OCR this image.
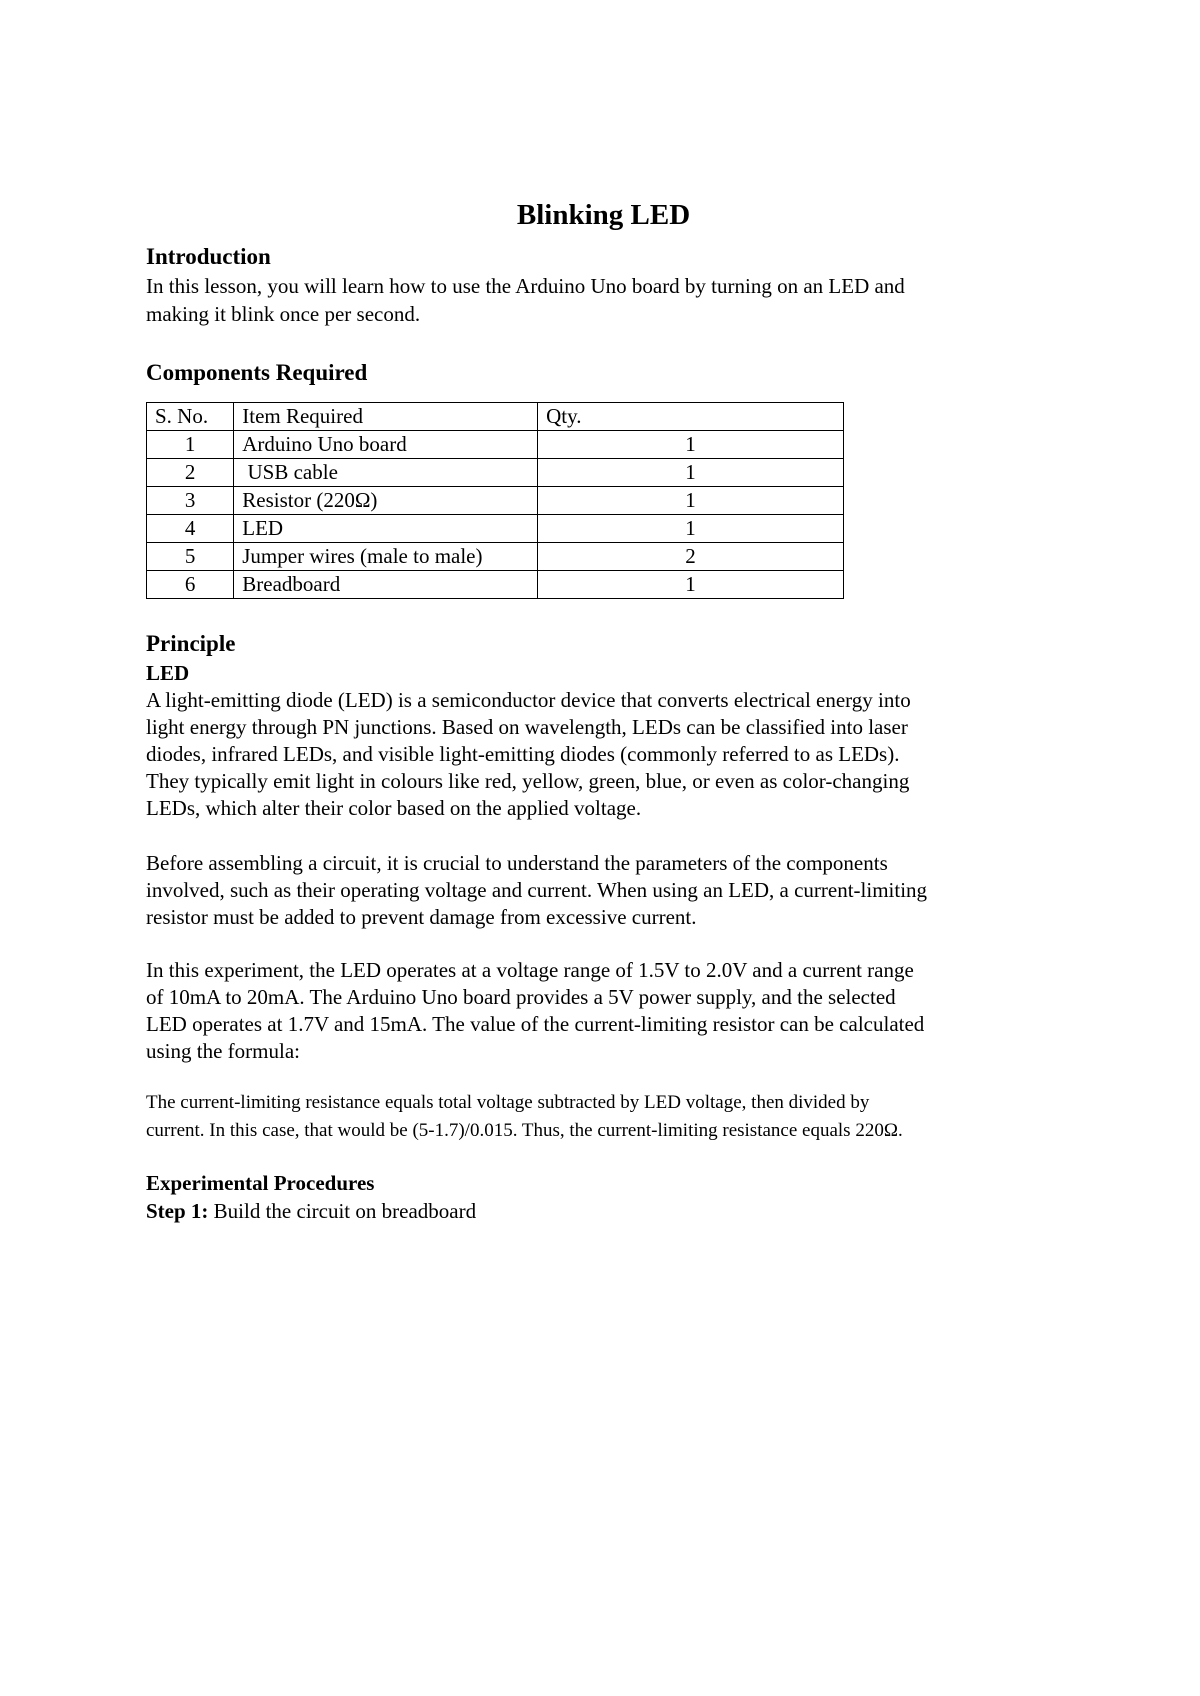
Blinking LED
Introduction

In this lesson, you will learn how to use the Arduino Uno board by turning on an LED and

making it blink once per second.

Components Required
S. No.	Item Required	Qty.
1	Arduino Uno board	1
2	USB cable	1
3	Resistor (220Ω)	1
4	LED	1
5	Jumper wires (male to male)	2
6	Breadboard	1
Principle
LED

A light-emitting diode (LED) is a semiconductor device that converts electrical energy into

light energy through PN junctions. Based on wavelength, LEDs can be classified into laser

diodes, infrared LEDs, and visible light-emitting diodes (commonly referred to as LEDs).

They typically emit light in colours like red, yellow, green, blue, or even as color-changing

LEDs, which alter their color based on the applied voltage.

Before assembling a circuit, it is crucial to understand the parameters of the components

involved, such as their operating voltage and current. When using an LED, a current-limiting

resistor must be added to prevent damage from excessive current.

In this experiment, the LED operates at a voltage range of 1.5V to 2.0V and a current range

of 10mA to 20mA. The Arduino Uno board provides a 5V power supply, and the selected

LED operates at 1.7V and 15mA. The value of the current-limiting resistor can be calculated

using the formula:

The current-limiting resistance equals total voltage subtracted by LED voltage, then divided by

current. In this case, that would be (5-1.7)/0.015. Thus, the current-limiting resistance equals 220Ω.

Experimental Procedures

Step 1: Build the circuit on breadboard
